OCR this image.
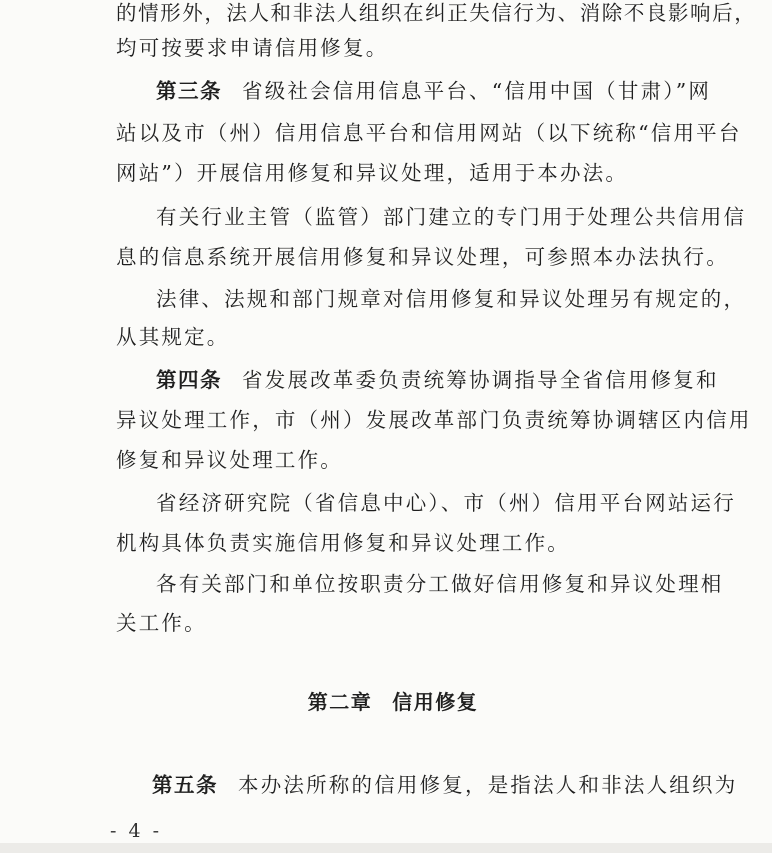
的情形外，法人和非法人组织在纠正失信行为、消除不良影响后，
均可按要求申请信用修复。
第三条 省级社会信用信息平台、“信用中国（甘肃）”网
站以及市（州）信用信息平台和信用网站（以下统称“信用平台
网站”）开展信用修复和异议处理，适用于本办法。
有关行业主管（监管）部门建立的专门用于处理公共信用信
息的信息系统开展信用修复和异议处理，可参照本办法执行。
法律、法规和部门规章对信用修复和异议处理另有规定的，
从其规定。
第四条 省发展改革委负责统筹协调指导全省信用修复和
异议处理工作，市（州）发展改革部门负责统筹协调辖区内信用
修复和异议处理工作。
省经济研究院（省信息中心）、市（州）信用平台网站运行
机构具体负责实施信用修复和异议处理工作。
各有关部门和单位按职责分工做好信用修复和异议处理相
关工作。
第二章 信用修复
第五条 本办法所称的信用修复，是指法人和非法人组织为
- 4 -
